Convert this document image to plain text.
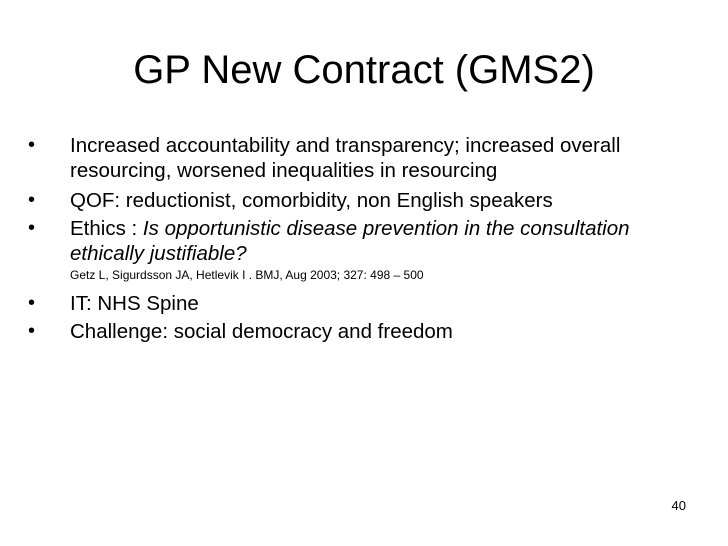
GP New Contract (GMS2)
•	Increased accountability and transparency; increased overall resourcing, worsened inequalities in resourcing
•	QOF: reductionist, comorbidity, non English speakers
•	Ethics : Is opportunistic disease prevention in the consultation ethically justifiable?
Getz L, Sigurdsson JA, Hetlevik I . BMJ, Aug 2003; 327: 498 – 500
•	IT: NHS Spine
•	Challenge: social democracy and freedom
40
